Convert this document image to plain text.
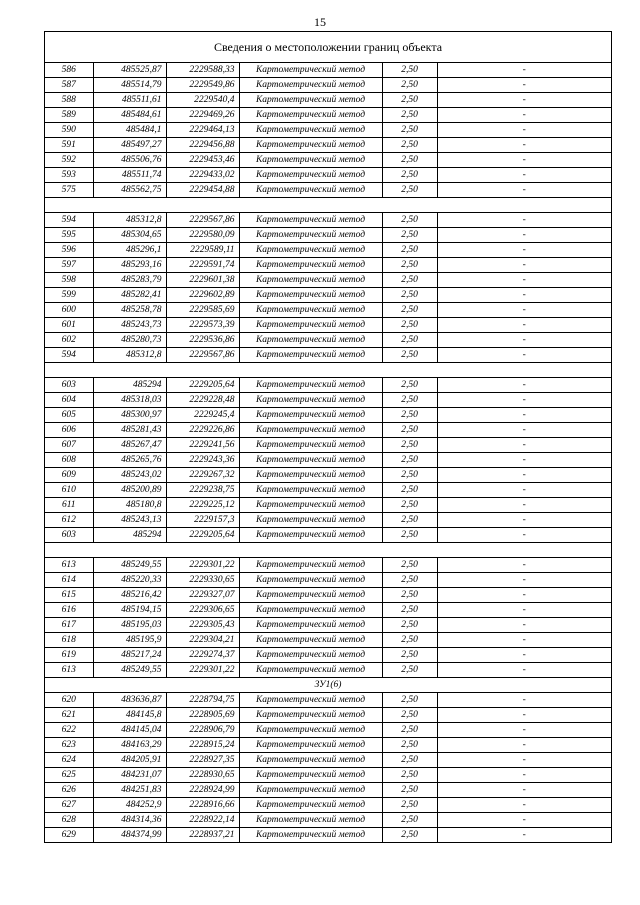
15
Сведения о местоположении границ объекта
586	485525,87	2229588,33	Картометрический метод	2,50	-
587	485514,79	2229549,86	Картометрический метод	2,50	-
588	485511,61	2229540,4	Картометрический метод	2,50	-
589	485484,61	2229469,26	Картометрический метод	2,50	-
590	485484,1	2229464,13	Картометрический метод	2,50	-
591	485497,27	2229456,88	Картометрический метод	2,50	-
592	485506,76	2229453,46	Картометрический метод	2,50	-
593	485511,74	2229433,02	Картометрический метод	2,50	-
575	485562,75	2229454,88	Картометрический метод	2,50	-

594	485312,8	2229567,86	Картометрический метод	2,50	-
595	485304,65	2229580,09	Картометрический метод	2,50	-
596	485296,1	2229589,11	Картометрический метод	2,50	-
597	485293,16	2229591,74	Картометрический метод	2,50	-
598	485283,79	2229601,38	Картометрический метод	2,50	-
599	485282,41	2229602,89	Картометрический метод	2,50	-
600	485258,78	2229585,69	Картометрический метод	2,50	-
601	485243,73	2229573,39	Картометрический метод	2,50	-
602	485280,73	2229536,86	Картометрический метод	2,50	-
594	485312,8	2229567,86	Картометрический метод	2,50	-

603	485294	2229205,64	Картометрический метод	2,50	-
604	485318,03	2229228,48	Картометрический метод	2,50	-
605	485300,97	2229245,4	Картометрический метод	2,50	-
606	485281,43	2229226,86	Картометрический метод	2,50	-
607	485267,47	2229241,56	Картометрический метод	2,50	-
608	485265,76	2229243,36	Картометрический метод	2,50	-
609	485243,02	2229267,32	Картометрический метод	2,50	-
610	485200,89	2229238,75	Картометрический метод	2,50	-
611	485180,8	2229225,12	Картометрический метод	2,50	-
612	485243,13	2229157,3	Картометрический метод	2,50	-
603	485294	2229205,64	Картометрический метод	2,50	-

613	485249,55	2229301,22	Картометрический метод	2,50	-
614	485220,33	2229330,65	Картометрический метод	2,50	-
615	485216,42	2229327,07	Картометрический метод	2,50	-
616	485194,15	2229306,65	Картометрический метод	2,50	-
617	485195,03	2229305,43	Картометрический метод	2,50	-
618	485195,9	2229304,21	Картометрический метод	2,50	-
619	485217,24	2229274,37	Картометрический метод	2,50	-
613	485249,55	2229301,22	Картометрический метод	2,50	-
ЗУ1(6)					
620	483636,87	2228794,75	Картометрический метод	2,50	-
621	484145,8	2228905,69	Картометрический метод	2,50	-
622	484145,04	2228906,79	Картометрический метод	2,50	-
623	484163,29	2228915,24	Картометрический метод	2,50	-
624	484205,91	2228927,35	Картометрический метод	2,50	-
625	484231,07	2228930,65	Картометрический метод	2,50	-
626	484251,83	2228924,99	Картометрический метод	2,50	-
627	484252,9	2228916,66	Картометрический метод	2,50	-
628	484314,36	2228922,14	Картометрический метод	2,50	-
629	484374,99	2228937,21	Картометрический метод	2,50	-
